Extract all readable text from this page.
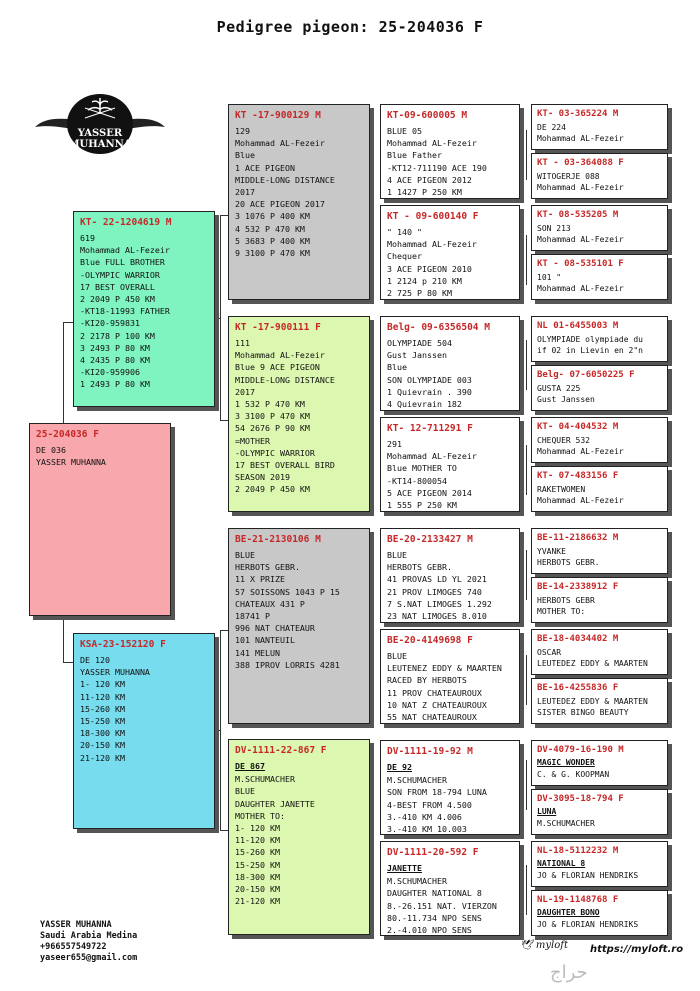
Pedigree pigeon: 25-204036 F
YASSER
MUHANNA
25-204036 F
DE 036
YASSER MUHANNA
KT- 22-1204619 M
619
Mohammad AL-Fezeir
Blue FULL BROTHER
-OLYMPIC WARRIOR
17 BEST OVERALL
2 2049 P 450 KM
-KT18-11993 FATHER
-KI20-959831
2 2178 P 100 KM
3 2493 P 80 KM
4 2435 P 80 KM
-KI20-959906
1 2493 P 80 KM
KSA-23-152120 F
DE 120
YASSER MUHANNA
1- 120 KM
11-120 KM
15-260 KM
15-250 KM
18-300 KM
20-150 KM
21-120 KM
KT -17-900129 M
129
Mohammad AL-Fezeir
Blue
1 ACE PIGEON
MIDDLE-LONG DISTANCE
2017
20 ACE PIGEON 2017
3 1076 P 400 KM
4 532 P 470 KM
5 3683 P 400 KM
9 3100 P 470 KM
KT -17-900111 F
111
Mohammad AL-Fezeir
Blue 9 ACE PIGEON
MIDDLE-LONG DISTANCE
2017
1 532 P 470 KM
3 3100 P 470 KM
54 2676 P 90 KM
=MOTHER
-OLYMPIC WARRIOR
17 BEST OVERALL BIRD
SEASON 2019
2 2049 P 450 KM
BE-21-2130106 M
BLUE
HERBOTS GEBR.
11 X PRIZE
57 SOISSONS 1043 P 15
CHATEAUX 431 P
18741 P
996 NAT CHATEAUR
101 NANTEUIL
141 MELUN
388 IPROV LORRIS 4281
DV-1111-22-867 F
DE 867
M.SCHUMACHER
BLUE
DAUGHTER JANETTE
MOTHER TO:
1- 120 KM
11-120 KM
15-260 KM
15-250 KM
18-300 KM
20-150 KM
21-120 KM
KT-09-600005 M
BLUE 05
Mohammad AL-Fezeir
Blue Father
-KT12-711190 ACE 190
4 ACE PIGEON 2012
1 1427 P 250 KM
KT - 09-600140 F
" 140 "
Mohammad AL-Fezeir
Chequer
3 ACE PIGEON 2010
1 2124 p 210 KM
2 725 P 80 KM
Belg- 09-6356504 M
OLYMPIADE 504
Gust Janssen
Blue
SON OLYMPIADE 003
1 Quievrain . 390
4 Quievrain 182
KT- 12-711291 F
291
Mohammad AL-Fezeir
Blue MOTHER TO
-KT14-800054
5 ACE PIGEON 2014
1 555 P 250 KM
BE-20-2133427 M
BLUE
HERBOTS GEBR.
41 PROVAS LD YL 2021
21 PROV LIMOGES 740
7 S.NAT LIMOGES 1.292
23 NAT LIMOGES 8.010
BE-20-4149698 F
BLUE
LEUTENEZ EDDY & MAARTEN
RACED BY HERBOTS
11 PROV CHATEAUROUX
10 NAT Z CHATEAUROUX
55 NAT CHATEAUROUX
DV-1111-19-92 M
DE 92
M.SCHUMACHER
SON FROM 18-794 LUNA
4-BEST FROM 4.500
3.-410 KM 4.006
3.-410 KM 10.003
DV-1111-20-592 F
JANETTE
M.SCHUMACHER
DAUGHTER NATIONAL 8
8.-26.151 NAT. VIERZON
80.-11.734 NPO SENS
2.-4.010 NPO SENS
KT- 03-365224 M
DE 224
Mohammad AL-Fezeir
KT - 03-364088 F
WITOGERJE 088
Mohammad AL-Fezeir
KT- 08-535205 M
SON 213
Mohammad AL-Fezeir
KT - 08-535101 F
101 "
Mohammad AL-Fezeir
NL 01-6455003 M
OLYMPIADE olympiade du
if 02 in Lievin en 2"n
Belg- 07-6050225 F
GUSTA 225
Gust Janssen
KT- 04-404532 M
CHEQUER 532
Mohammad AL-Fezeir
KT- 07-483156 F
RAKETWOMEN
Mohammad AL-Fezeir
BE-11-2186632 M
YVANKE
HERBOTS GEBR.
BE-14-2338912 F
HERBOTS GEBR
MOTHER TO:
BE-18-4034402 M
OSCAR
LEUTEDEZ EDDY & MAARTEN
BE-16-4255836 F
LEUTEDEZ EDDY & MAARTEN
SISTER BINGO BEAUTY
DV-4079-16-190 M
MAGIC WONDER
C. & G. KOOPMAN
DV-3095-18-794 F
LUNA
M.SCHUMACHER
NL-18-5112232 M
NATIONAL 8
JO & FLORIAN HENDRIKS
NL-19-1148768 F
DAUGHTER BONO
JO & FLORIAN HENDRIKS
YASSER MUHANNA
Saudi Arabia Medina
+966557549722
yaseer655@gmail.com
🕊 myloft https://myloft.ro
حراج
